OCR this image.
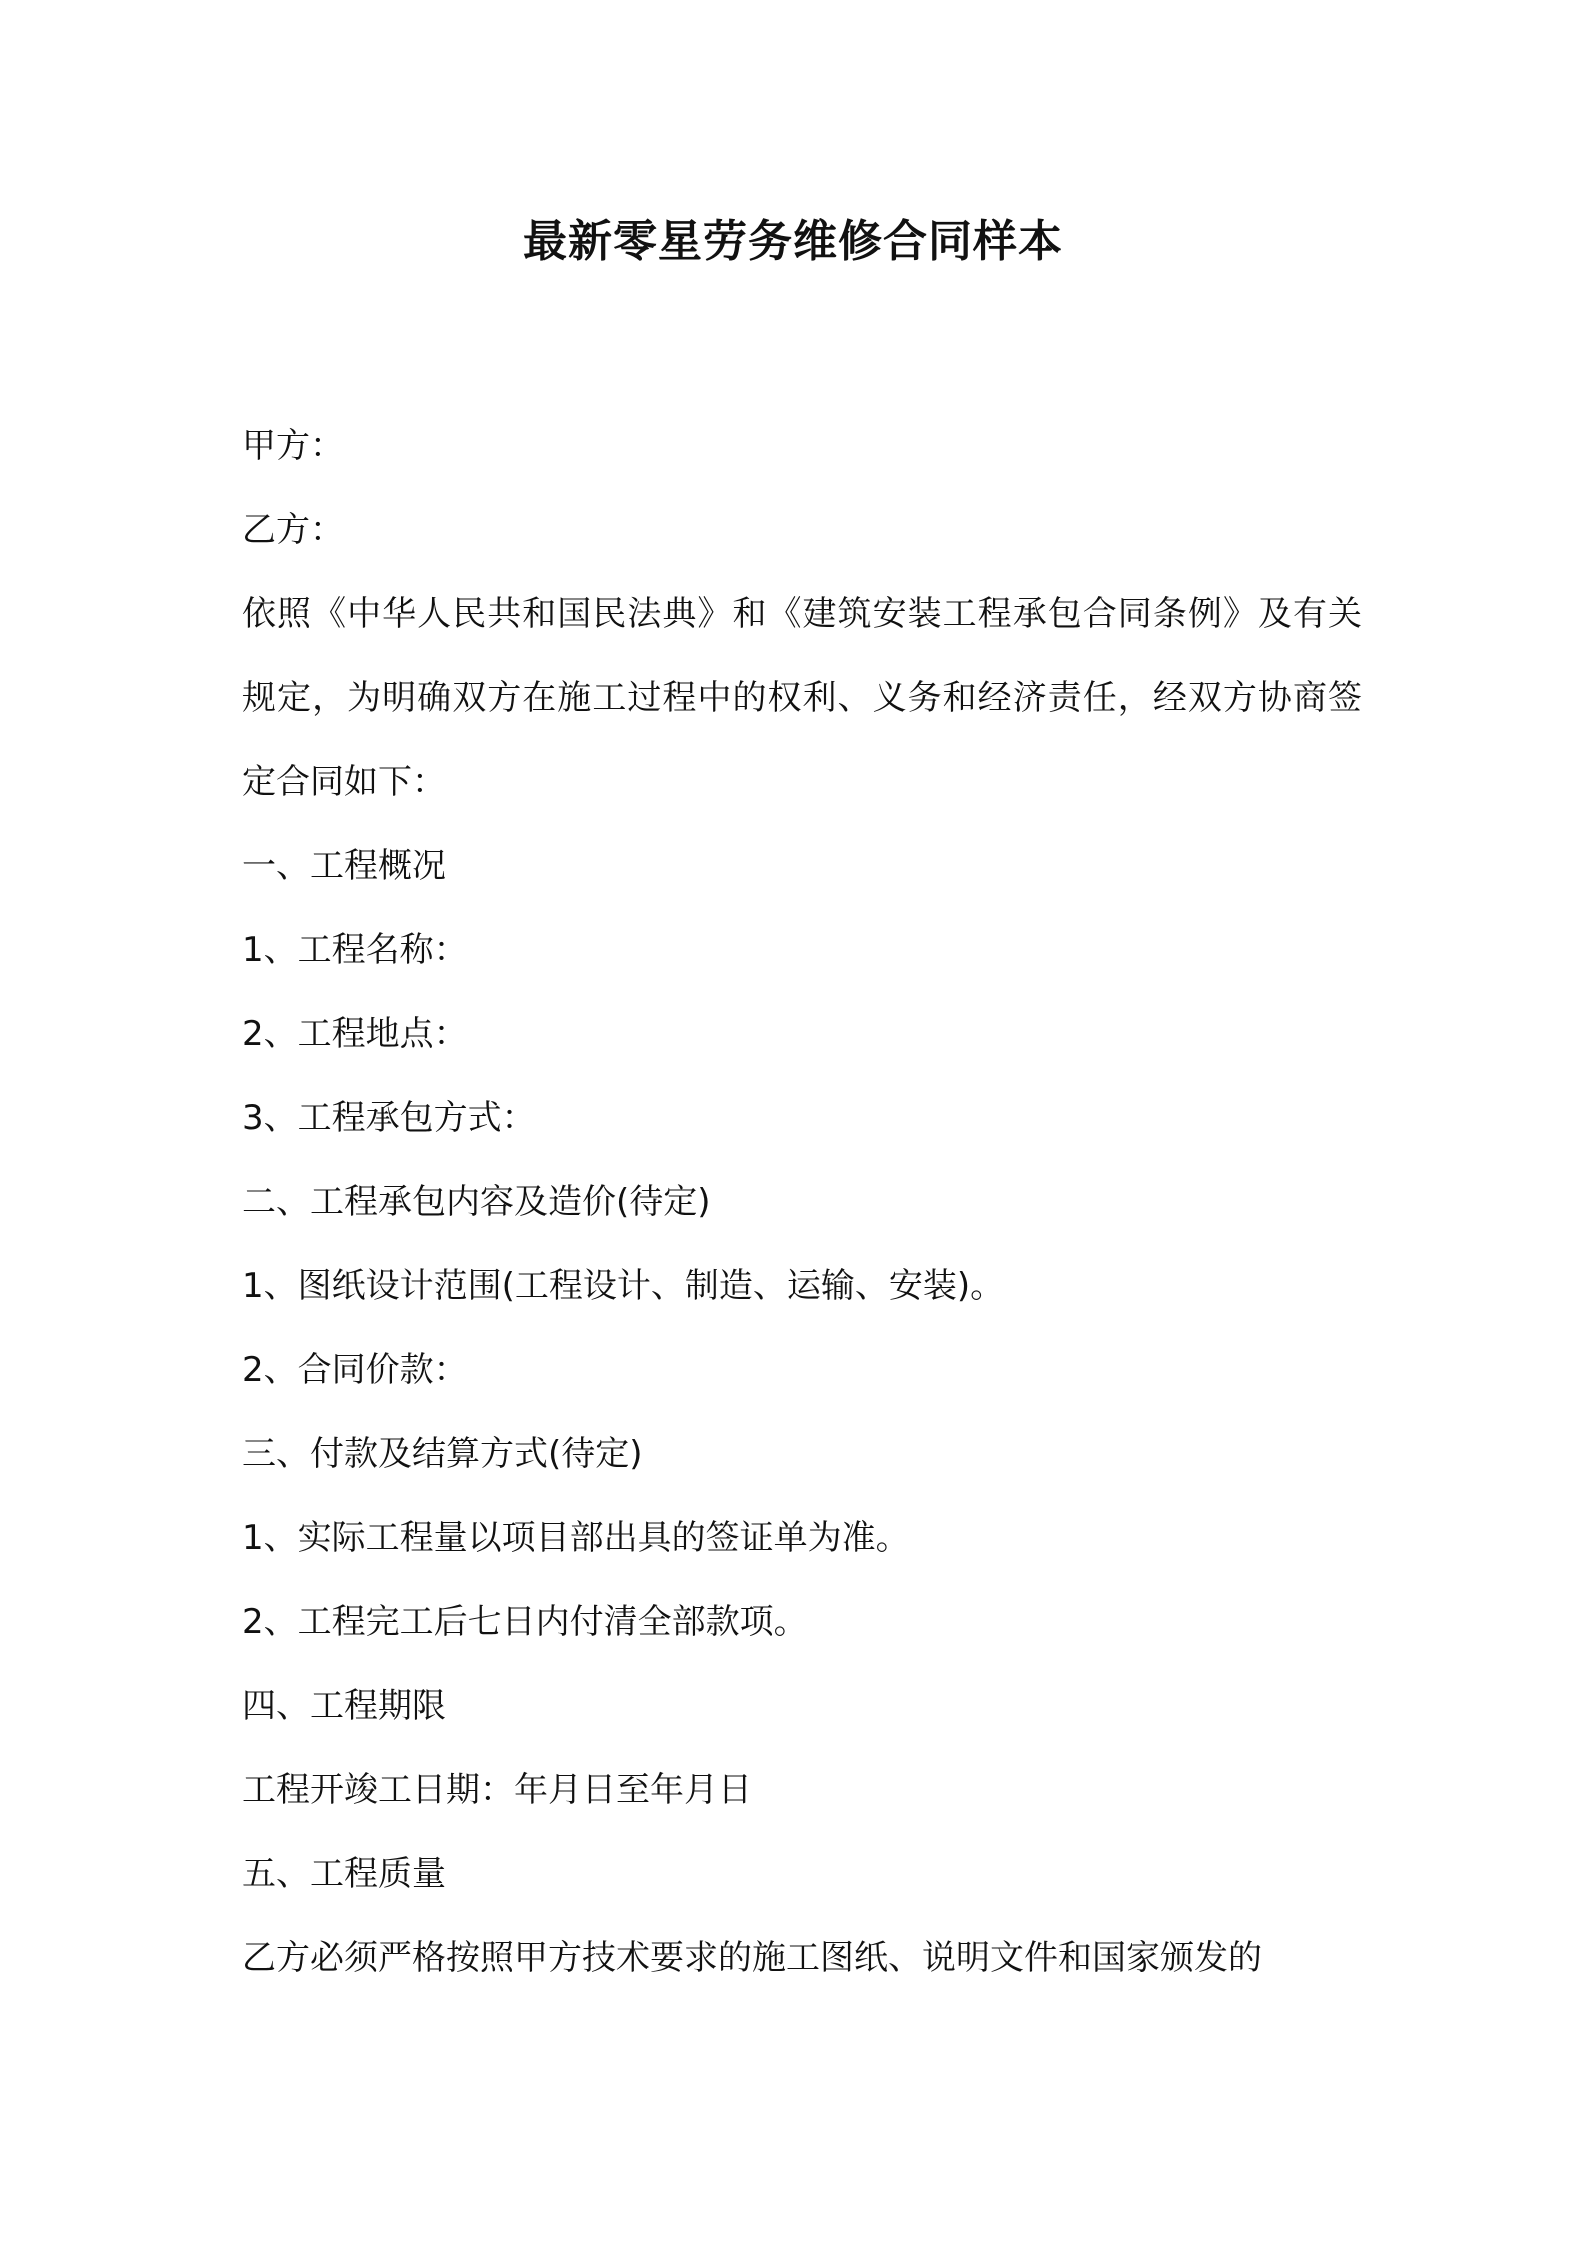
最新零星劳务维修合同样本

甲方：

乙方：

依照《中华人民共和国民法典》和《建筑安装工程承包合同条例》及有关规定，为明确双方在施工过程中的权利、义务和经济责任，经双方协商签定合同如下：

一、工程概况

1、工程名称：

2、工程地点：

3、工程承包方式：

二、工程承包内容及造价(待定)

1、图纸设计范围(工程设计、制造、运输、安装)。

2、合同价款：

三、付款及结算方式(待定)

1、实际工程量以项目部出具的签证单为准。

2、工程完工后七日内付清全部款项。

四、工程期限

工程开竣工日期：年月日至年月日

五、工程质量

乙方必须严格按照甲方技术要求的施工图纸、说明文件和国家颁发的
